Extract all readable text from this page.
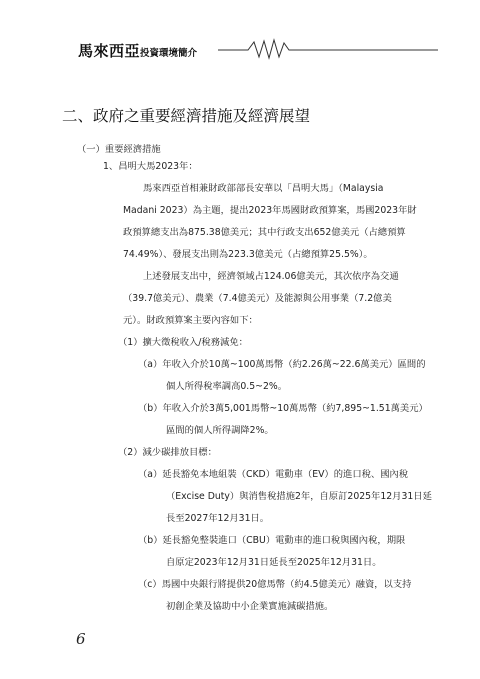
馬來西亞投資環境簡介
二、政府之重要經濟措施及經濟展望
（一）重要經濟措施
1、昌明大馬2023年：
馬來西亞首相兼財政部部長安華以「昌明大馬」（Malaysia
Madani 2023）為主題，提出2023年馬國財政預算案，馬國2023年財
政預算總支出為875.38億美元；其中行政支出652億美元（占總預算
74.49%）、發展支出則為223.3億美元（占總預算25.5%）。
上述發展支出中，經濟領域占124.06億美元，其次依序為交通
（39.7億美元）、農業（7.4億美元）及能源與公用事業（7.2億美
元）。財政預算案主要內容如下：
（1）擴大徵稅收入/稅務減免：
（a）年收入介於10萬~100萬馬幣（約2.26萬~22.6萬美元）區間的
個人所得稅率調高0.5~2%。
（b）年收入介於3萬5,001馬幣~10萬馬幣（約7,895~1.51萬美元）
區間的個人所得調降2%。
（2）減少碳排放目標：
（a）延長豁免本地組裝（CKD）電動車（EV）的進口稅、國內稅
（Excise Duty）與消售稅措施2年，自原訂2025年12月31日延
長至2027年12月31日。
（b）延長豁免整裝進口（CBU）電動車的進口稅與國內稅，期限
自原定2023年12月31日延長至2025年12月31日。
（c）馬國中央銀行將提供20億馬幣（約4.5億美元）融資，以支持
初創企業及協助中小企業實施減碳措施。
6
